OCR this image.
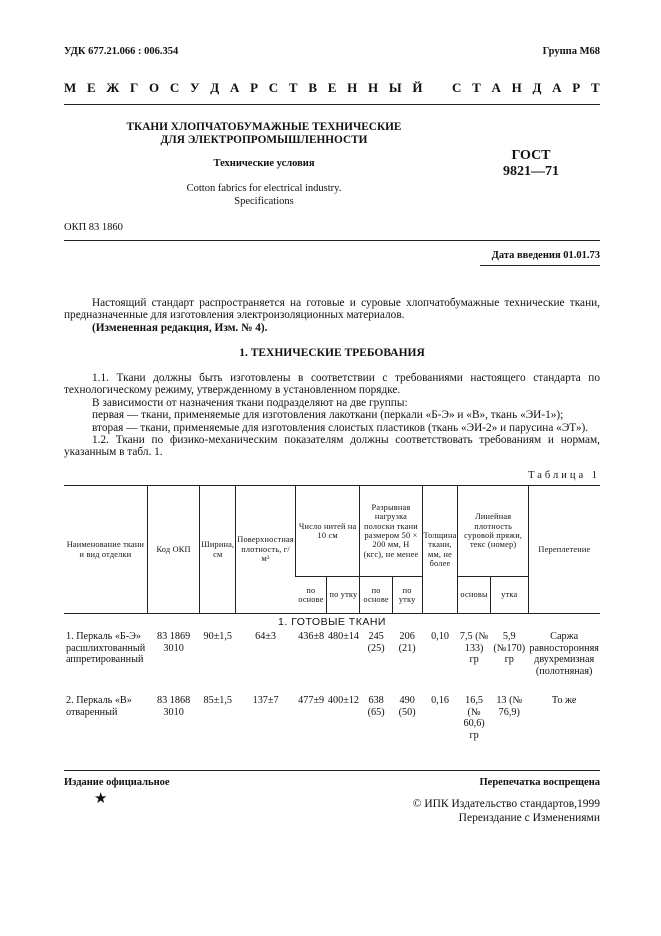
УДК 677.21.066 : 006.354	Группа М68
М Е Ж Г О С У Д А Р С Т В Е Н Н Ы Й С Т А Н Д А Р Т
ТКАНИ ХЛОПЧАТОБУМАЖНЫЕ ТЕХНИЧЕСКИЕ
ДЛЯ ЭЛЕКТРОПРОМЫШЛЕННОСТИ
Технические условия
Cotton fabrics for electrical industry.
Specifications
ГОСТ
9821—71
ОКП 83 1860
Дата введения 01.01.73

Настоящий стандарт распространяется на готовые и суровые хлопчатобумажные технические ткани, предназначенные для изготовления электроизоляционных материалов.

(Измененная редакция, Изм. № 4).

1. ТЕХНИЧЕСКИЕ ТРЕБОВАНИЯ

1.1. Ткани должны быть изготовлены в соответствии с требованиями настоящего стандарта по технологическому режиму, утвержденному в установленном порядке.

В зависимости от назначения ткани подразделяют на две группы:

первая — ткани, применяемые для изготовления лакоткани (перкали «Б-Э» и «В», ткань «ЭИ-1»);

вторая — ткани, применяемые для изготовления слоистых пластиков (ткань «ЭИ-2» и парусина «ЭТ»).

1.2. Ткани по физико-механическим показателям должны соответствовать требованиям и нормам, указанным в табл. 1.

Таблица 1
Наименование ткани и вид отделки	Код ОКП	Ширина, см	Поверхностная плотность, г/м²	Число нитей на 10 см		Разрывная нагрузка полоски ткани размером 50 × 200 мм, Н (кгс), не менее		Толщина ткани, мм, не более	Линейная плотность суровой пряжи, текс (номер)		Переплетение
				по основе	по утку	по основе	по утку		основы	утка	
1. ГОТОВЫЕ ТКАНИ											
1. Перкаль «Б-Э» расшлихтованный аппретированный	83 1869 3010	90±1,5	64±3	436±8	480±14	245 (25)	206 (21)	0,10	7,5 (№ 133) гр	5,9 (№170) гр	Саржа равносторонняя двухремизная (полотняная)
2. Перкаль «В» отваренный	83 1868 3010	85±1,5	137±7	477±9	400±12	638 (65)	490 (50)	0,16	16,5 (№ 60,6) гр	13 (№ 76,9)	То же
Издание официальное	Перепечатка воспрещена
★	© ИПК Издательство стандартов,1999
Переиздание с Изменениями
